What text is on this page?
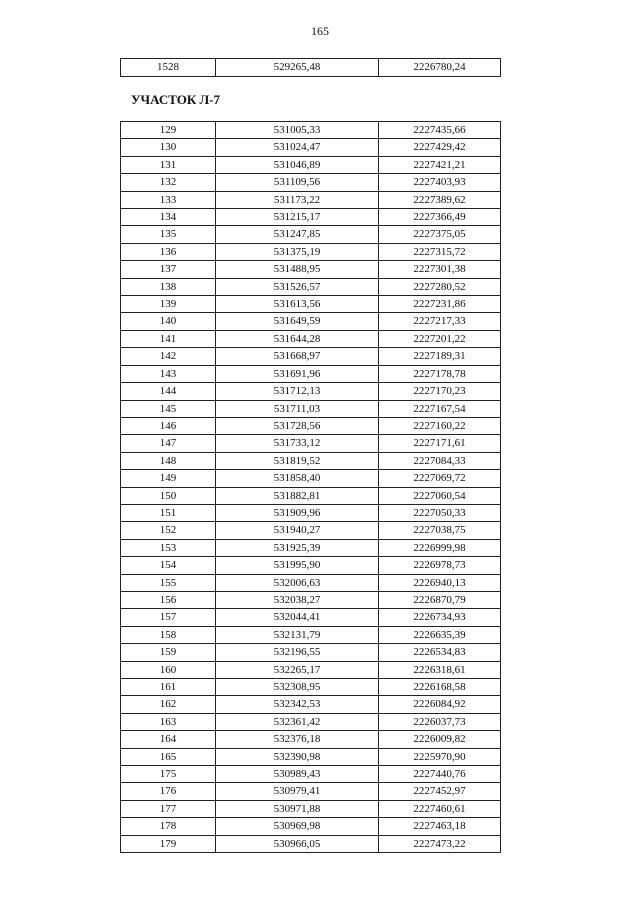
165
1528	529265,48	2226780,24
УЧАСТОК Л-7
129	531005,33	2227435,66
130	531024,47	2227429,42
131	531046,89	2227421,21
132	531109,56	2227403,93
133	531173,22	2227389,62
134	531215,17	2227366,49
135	531247,85	2227375,05
136	531375,19	2227315,72
137	531488,95	2227301,38
138	531526,57	2227280,52
139	531613,56	2227231,86
140	531649,59	2227217,33
141	531644,28	2227201,22
142	531668,97	2227189,31
143	531691,96	2227178,78
144	531712,13	2227170,23
145	531711,03	2227167,54
146	531728,56	2227160,22
147	531733,12	2227171,61
148	531819,52	2227084,33
149	531858,40	2227069,72
150	531882,81	2227060,54
151	531909,96	2227050,33
152	531940,27	2227038,75
153	531925,39	2226999,98
154	531995,90	2226978,73
155	532006,63	2226940,13
156	532038,27	2226870,79
157	532044,41	2226734,93
158	532131,79	2226635,39
159	532196,55	2226534,83
160	532265,17	2226318,61
161	532308,95	2226168,58
162	532342,53	2226084,92
163	532361,42	2226037,73
164	532376,18	2226009,82
165	532390,98	2225970,90
175	530989,43	2227440,76
176	530979,41	2227452,97
177	530971,88	2227460,61
178	530969,98	2227463,18
179	530966,05	2227473,22
